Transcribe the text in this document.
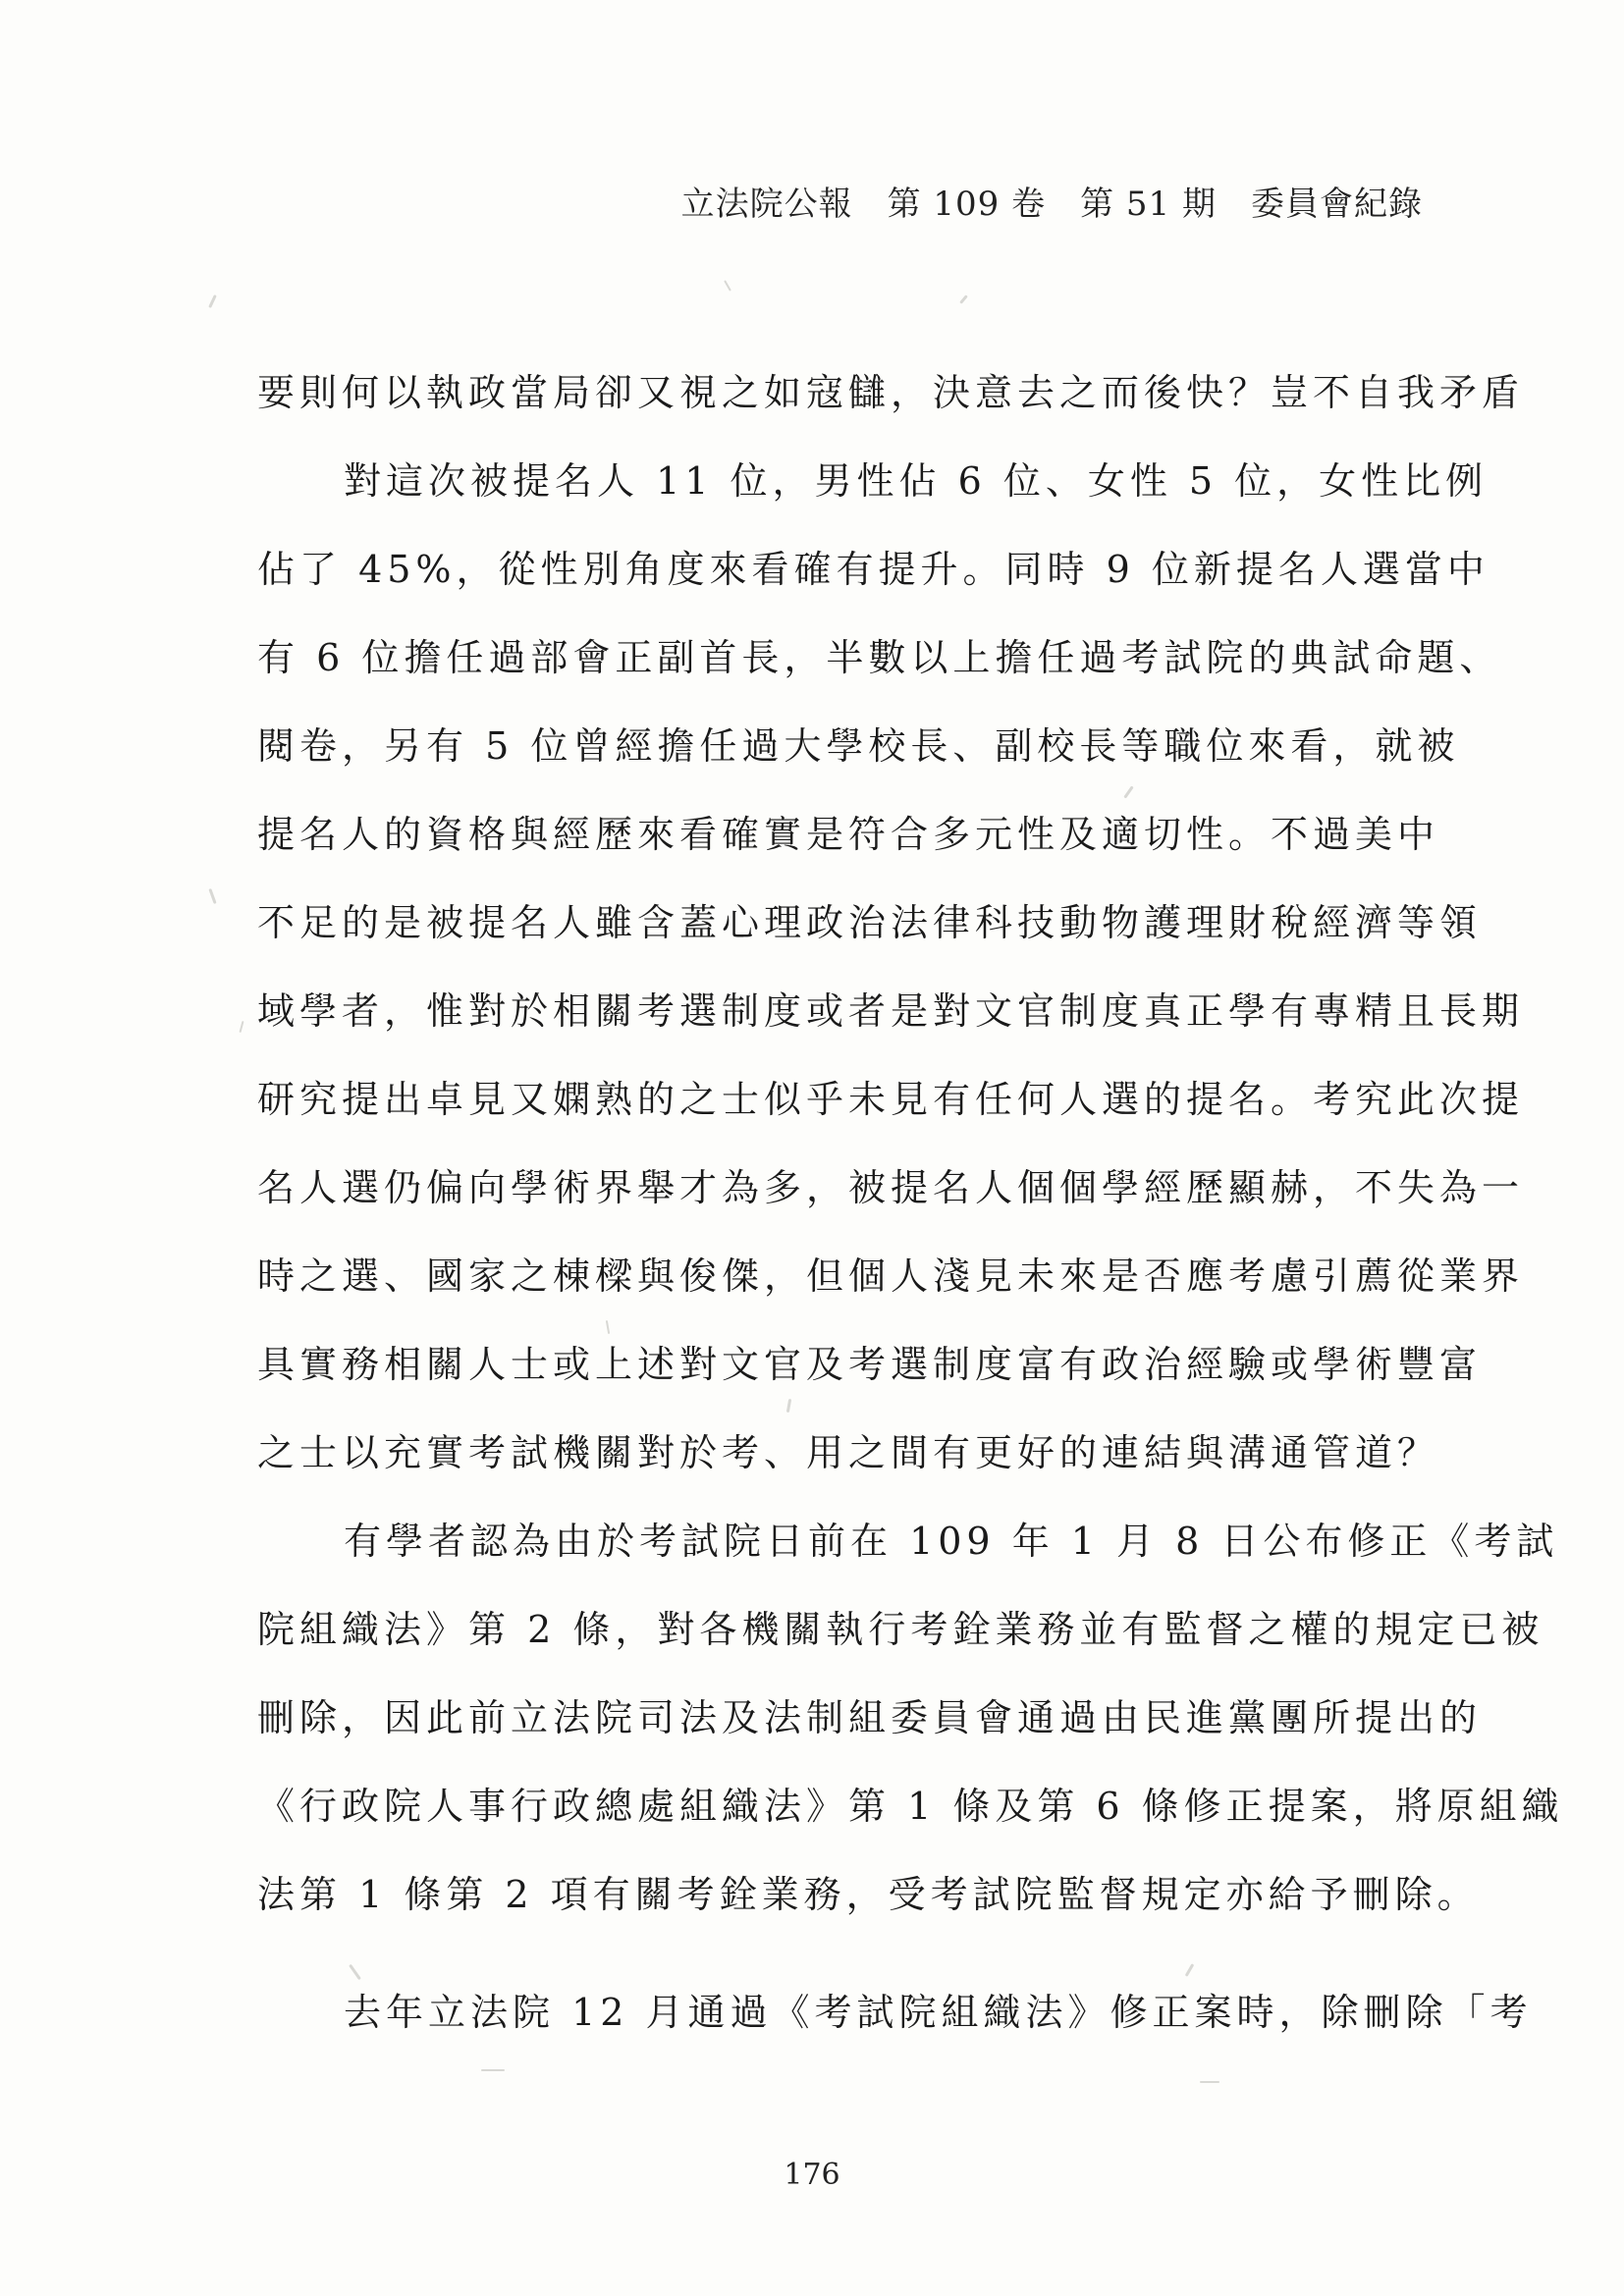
立法院公報　第 109 卷　第 51 期　委員會紀錄
要則何以執政當局卻又視之如寇讎，決意去之而後快？豈不自我矛盾
對這次被提名人 11 位，男性佔 6 位、女性 5 位，女性比例
佔了 45%，從性別角度來看確有提升。同時 9 位新提名人選當中
有 6 位擔任過部會正副首長，半數以上擔任過考試院的典試命題、
閱卷，另有 5 位曾經擔任過大學校長、副校長等職位來看，就被
提名人的資格與經歷來看確實是符合多元性及適切性。不過美中
不足的是被提名人雖含蓋心理政治法律科技動物護理財稅經濟等領
域學者，惟對於相關考選制度或者是對文官制度真正學有專精且長期
研究提出卓見又嫻熟的之士似乎未見有任何人選的提名。考究此次提
名人選仍偏向學術界舉才為多，被提名人個個學經歷顯赫，不失為一
時之選、國家之棟樑與俊傑，但個人淺見未來是否應考慮引薦從業界
具實務相關人士或上述對文官及考選制度富有政治經驗或學術豐富
之士以充實考試機關對於考、用之間有更好的連結與溝通管道？
有學者認為由於考試院日前在 109 年 1 月 8 日公布修正《考試
院組織法》第 2 條，對各機關執行考銓業務並有監督之權的規定已被
刪除，因此前立法院司法及法制組委員會通過由民進黨團所提出的
《行政院人事行政總處組織法》第 1 條及第 6 條修正提案，將原組織
法第 1 條第 2 項有關考銓業務，受考試院監督規定亦給予刪除。
去年立法院 12 月通過《考試院組織法》修正案時，除刪除「考
176
